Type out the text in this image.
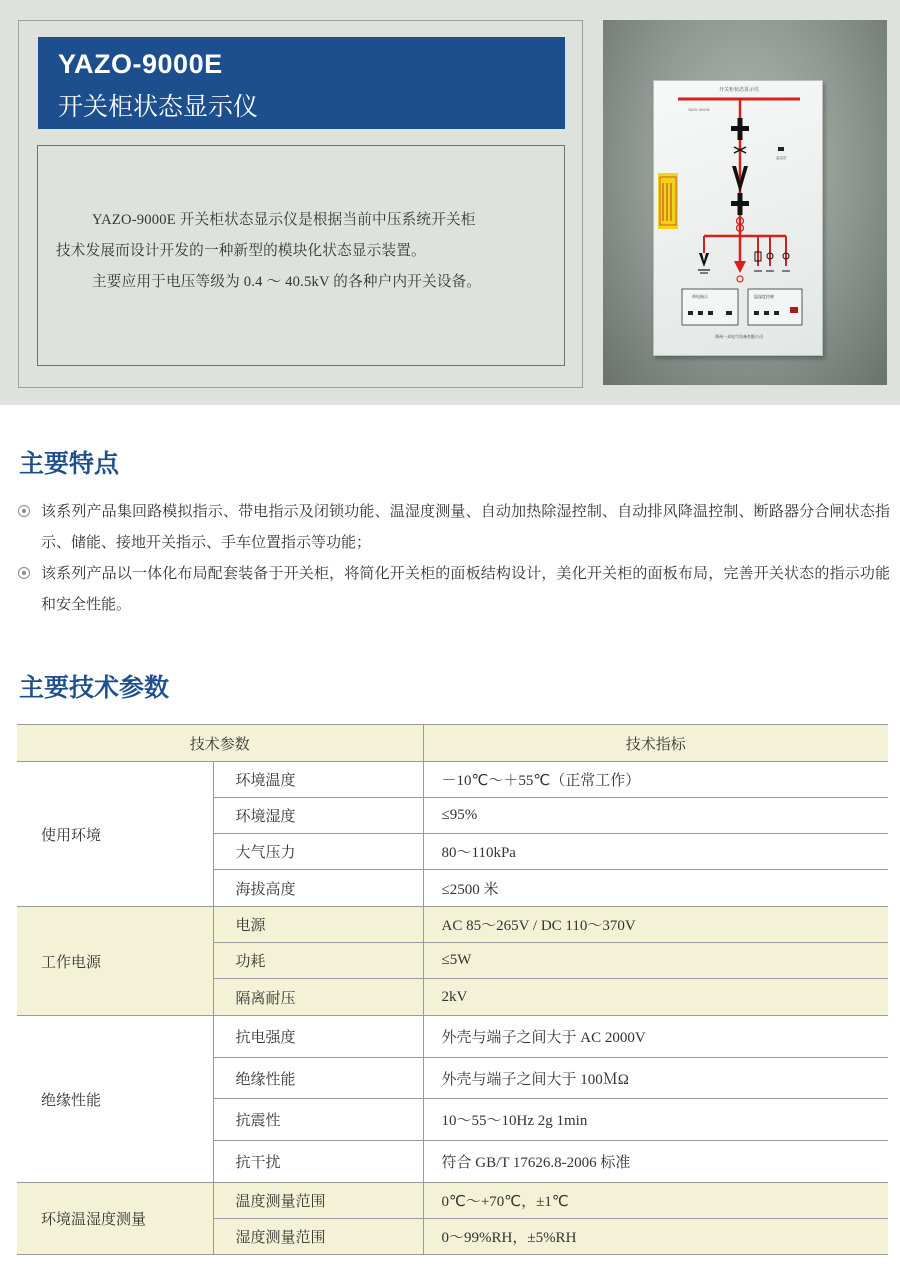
YAZO-9000E
开关柜状态显示仪
YAZO-9000E 开关柜状态显示仪是根据当前中压系统开关柜
技术发展而设计开发的一种新型的模块化状态显示装置。
主要应用于电压等级为 0.4 ～ 40.5kV 的各种户内开关设备。
开关柜状态显示仪
YAZO-9000E
温湿度
带电指示	温湿度控制
郑州一众电气设备有限公司
主要特点
该系列产品集回路模拟指示、带电指示及闭锁功能、温湿度测量、自动加热除湿控制、自动排风降温控制、断路器分合闸状态指示、储能、接地开关指示、手车位置指示等功能；
该系列产品以一体化布局配套装备于开关柜，将简化开关柜的面板结构设计，美化开关柜的面板布局，完善开关状态的指示功能和安全性能。
主要技术参数
技术参数		技术指标
使用环境	环境温度	－10℃～＋55℃（正常工作）
	环境湿度	≤95%
	大气压力	80～110kPa
	海拔高度	≤2500 米
工作电源	电源	AC 85～265V / DC 110～370V
	功耗	≤5W
	隔离耐压	2kV
绝缘性能	抗电强度	外壳与端子之间大于 AC 2000V
	绝缘性能	外壳与端子之间大于 100ＭΩ
	抗震性	10～55～10Hz 2g 1min
	抗干扰	符合 GB/T 17626.8-2006 标准
环境温湿度测量	温度测量范围	0℃～+70℃，±1℃
	湿度测量范围	0～99%RH，±5%RH
